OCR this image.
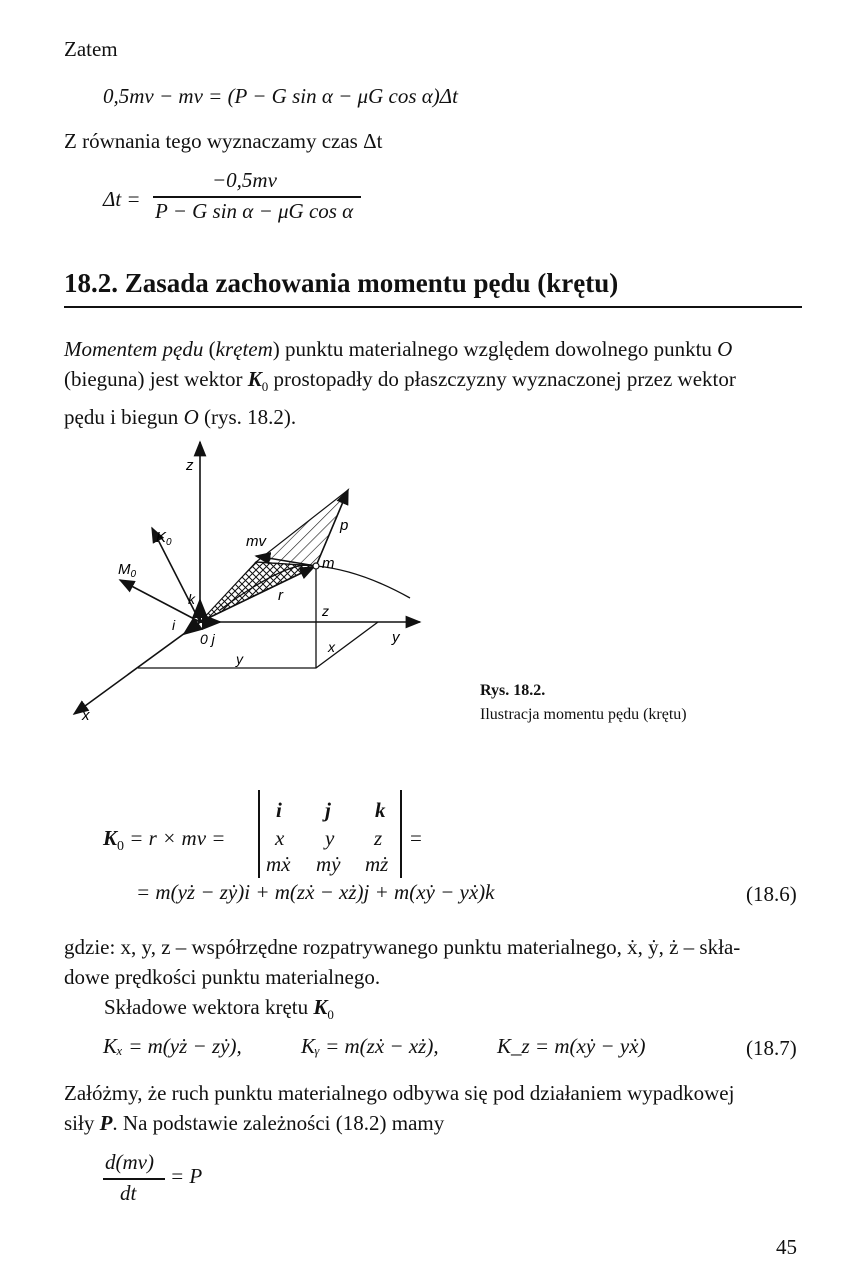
Zatem
0,5mv − mv = (P − G sin α − μG cos α)Δt
Z równania tego wyznaczamy czas Δt
Δt =
−0,5mv
P − G sin α − μG cos α
18.2. Zasada zachowania momentu pędu (krętu)
Momentem pędu (krętem) punktu materialnego względem dowolnego punktu O
(bieguna) jest wektor $K_0$ prostopadły do płaszczyzny wyznaczonej przez wektor
pędu i biegun O (rys. 18.2).
z
y
x
$K_0$
$M_0$
mv
p
m
r
k
i
0 j
z
x
y
Rys. 18.2.
Ilustracja momentu pędu (krętu)
$K_0 = r$ × mv =
i j k
x y z
mẋ mẏ mż
=
= m(yż − zẏ)i + m(zẋ − xż)j + m(xẏ − yẋ)k	(18.6)
gdzie: x, y, z – współrzędne rozpatrywanego punktu materialnego, ẋ, ẏ, ż – skła-
dowe prędkości punktu materialnego.
Składowe wektora krętu $K_0$
Kₓ = m(yż − zẏ),	Kᵧ = m(zẋ − xż),	K_z = m(xẏ − yẋ)	(18.7)
Załóżmy, że ruch punktu materialnego odbywa się pod działaniem wypadkowej
siły P. Na podstawie zależności (18.2) mamy
d(mv)
dt
= P
45
